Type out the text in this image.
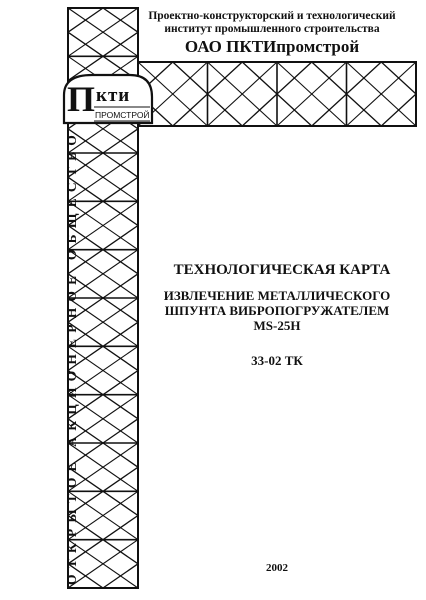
Проектно-конструкторский и технологический
институт промышленного строительства
ОАО ПКТИпромстрой
П кти
ПРОМСТРОЙ
ОТКРЫТОЕ АКЦИОНЕРНОЕ ОБЩЕСТВО	ТЕХНОЛОГИЧЕСКАЯ КАРТА
ИЗВЛЕЧЕНИЕ МЕТАЛЛИЧЕСКОГО
ШПУНТА ВИБРОПОГРУЖАТЕЛЕМ
MS-25H
33-02 ТК
2002
